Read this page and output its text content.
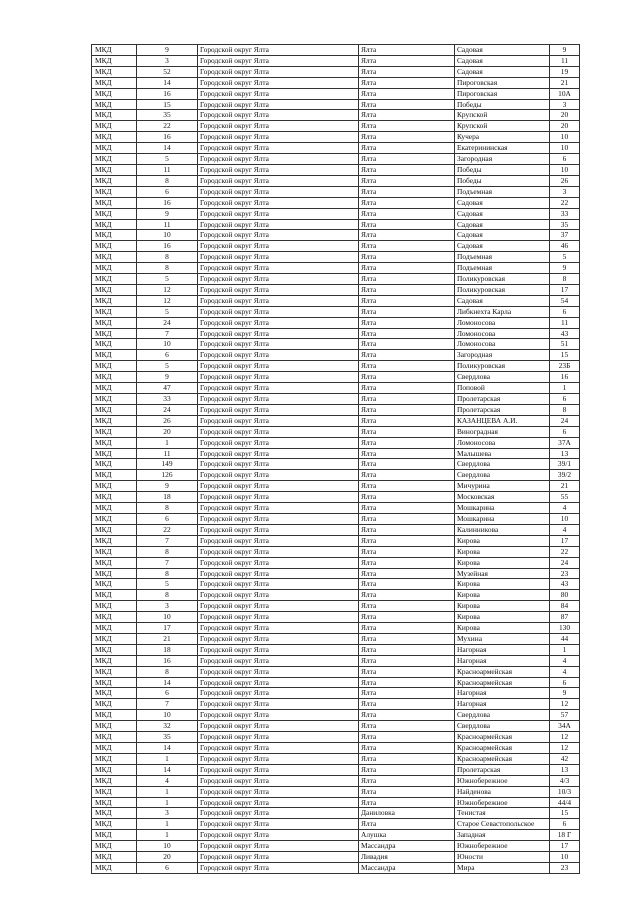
МКД	9	Городской округ Ялта	Ялта	Садовая	9
МКД	3	Городской округ Ялта	Ялта	Садовая	11
МКД	52	Городской округ Ялта	Ялта	Садовая	19
МКД	14	Городской округ Ялта	Ялта	Пироговская	21
МКД	16	Городской округ Ялта	Ялта	Пироговская	10А
МКД	15	Городской округ Ялта	Ялта	Победы	3
МКД	35	Городской округ Ялта	Ялта	Крупской	20
МКД	22	Городской округ Ялта	Ялта	Крупской	20
МКД	16	Городской округ Ялта	Ялта	Кучера	10
МКД	14	Городской округ Ялта	Ялта	Екатерининская	10
МКД	5	Городской округ Ялта	Ялта	Загородная	6
МКД	11	Городской округ Ялта	Ялта	Победы	10
МКД	8	Городской округ Ялта	Ялта	Победы	26
МКД	6	Городской округ Ялта	Ялта	Подъемная	3
МКД	16	Городской округ Ялта	Ялта	Садовая	22
МКД	9	Городской округ Ялта	Ялта	Садовая	33
МКД	11	Городской округ Ялта	Ялта	Садовая	35
МКД	10	Городской округ Ялта	Ялта	Садовая	37
МКД	16	Городской округ Ялта	Ялта	Садовая	46
МКД	8	Городской округ Ялта	Ялта	Подъемная	5
МКД	8	Городской округ Ялта	Ялта	Подъемная	9
МКД	5	Городской округ Ялта	Ялта	Поликуровская	8
МКД	12	Городской округ Ялта	Ялта	Поликуровская	17
МКД	12	Городской округ Ялта	Ялта	Садовая	54
МКД	5	Городской округ Ялта	Ялта	Либкнехта Карла	6
МКД	24	Городской округ Ялта	Ялта	Ломоносова	11
МКД	7	Городской округ Ялта	Ялта	Ломоносова	43
МКД	10	Городской округ Ялта	Ялта	Ломоносова	51
МКД	6	Городской округ Ялта	Ялта	Загородная	15
МКД	5	Городской округ Ялта	Ялта	Поликуровская	23Б
МКД	9	Городской округ Ялта	Ялта	Свердлова	16
МКД	47	Городской округ Ялта	Ялта	Поповой	1
МКД	33	Городской округ Ялта	Ялта	Пролетарская	6
МКД	24	Городской округ Ялта	Ялта	Пролетарская	8
МКД	26	Городской округ Ялта	Ялта	КАЗАНЦЕВА А.И.	24
МКД	20	Городской округ Ялта	Ялта	Виноградная	6
МКД	1	Городской округ Ялта	Ялта	Ломоносова	37А
МКД	11	Городской округ Ялта	Ялта	Малышева	13
МКД	149	Городской округ Ялта	Ялта	Свердлова	39/1
МКД	126	Городской округ Ялта	Ялта	Свердлова	39/2
МКД	9	Городской округ Ялта	Ялта	Мичурина	21
МКД	18	Городской округ Ялта	Ялта	Московская	55
МКД	8	Городской округ Ялта	Ялта	Мошкарина	4
МКД	6	Городской округ Ялта	Ялта	Мошкарина	10
МКД	22	Городской округ Ялта	Ялта	Калинникова	4
МКД	7	Городской округ Ялта	Ялта	Кирова	17
МКД	8	Городской округ Ялта	Ялта	Кирова	22
МКД	7	Городской округ Ялта	Ялта	Кирова	24
МКД	8	Городской округ Ялта	Ялта	Музейная	23
МКД	5	Городской округ Ялта	Ялта	Кирова	43
МКД	8	Городской округ Ялта	Ялта	Кирова	80
МКД	3	Городской округ Ялта	Ялта	Кирова	84
МКД	10	Городской округ Ялта	Ялта	Кирова	87
МКД	17	Городской округ Ялта	Ялта	Кирова	130
МКД	21	Городской округ Ялта	Ялта	Мухина	44
МКД	18	Городской округ Ялта	Ялта	Нагорная	1
МКД	16	Городской округ Ялта	Ялта	Нагорная	4
МКД	8	Городской округ Ялта	Ялта	Красноармейская	4
МКД	14	Городской округ Ялта	Ялта	Красноармейская	6
МКД	6	Городской округ Ялта	Ялта	Нагорная	9
МКД	7	Городской округ Ялта	Ялта	Нагорная	12
МКД	10	Городской округ Ялта	Ялта	Свердлова	57
МКД	32	Городской округ Ялта	Ялта	Свердлова	34А
МКД	35	Городской округ Ялта	Ялта	Красноармейская	12
МКД	14	Городской округ Ялта	Ялта	Красноармейская	12
МКД	1	Городской округ Ялта	Ялта	Красноармейская	42
МКД	14	Городской округ Ялта	Ялта	Пролетарская	13
МКД	4	Городской округ Ялта	Ялта	Южнобережное	4/3
МКД	1	Городской округ Ялта	Ялта	Найденова	10/3
МКД	1	Городской округ Ялта	Ялта	Южнобережное	44/4
МКД	3	Городской округ Ялта	Даниловка	Тенистая	15
МКД	1	Городской округ Ялта	Ялта	Старое Севастопольское	6
МКД	1	Городской округ Ялта	Алушка	Западная	18 Г
МКД	10	Городской округ Ялта	Массандра	Южнобережное	17
МКД	20	Городской округ Ялта	Ливадия	Юности	10
МКД	6	Городской округ Ялта	Массандра	Мира	23
